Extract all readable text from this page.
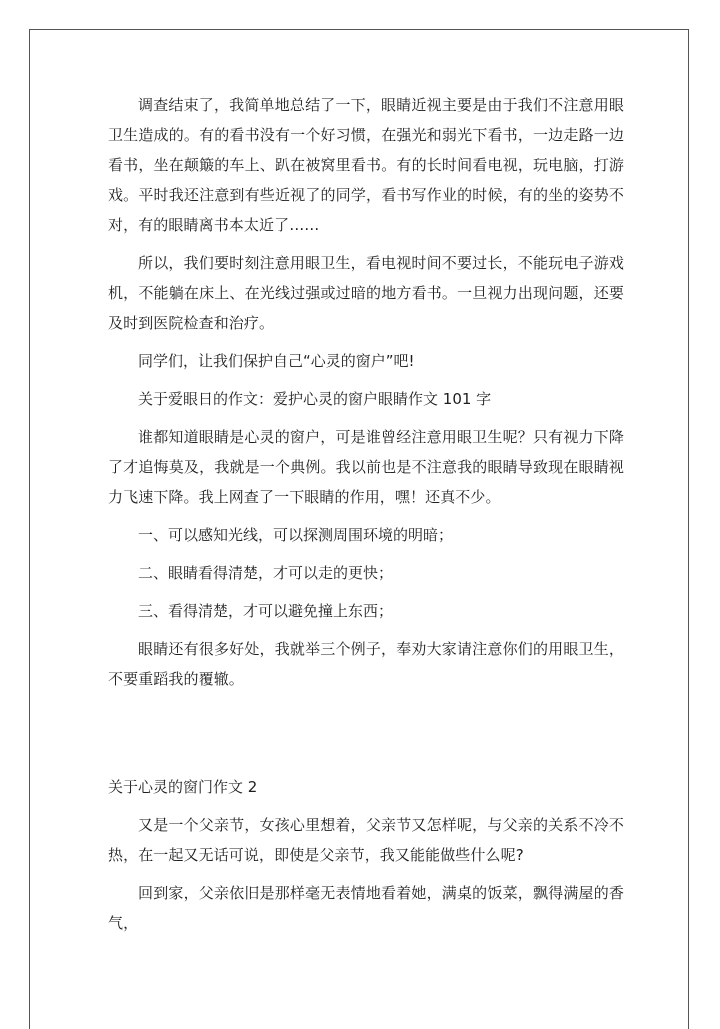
调查结束了，我简单地总结了一下，眼睛近视主要是由于我们不注意用眼卫生造成的。有的看书没有一个好习惯，在强光和弱光下看书，一边走路一边看书，坐在颠簸的车上、趴在被窝里看书。有的长时间看电视，玩电脑，打游戏。平时我还注意到有些近视了的同学，看书写作业的时候，有的坐的姿势不对，有的眼睛离书本太近了……

所以，我们要时刻注意用眼卫生，看电视时间不要过长，不能玩电子游戏机，不能躺在床上、在光线过强或过暗的地方看书。一旦视力出现问题，还要及时到医院检查和治疗。

同学们，让我们保护自己“心灵的窗户”吧!

关于爱眼日的作文：爱护心灵的窗户眼睛作文 101 字

谁都知道眼睛是心灵的窗户，可是谁曾经注意用眼卫生呢？只有视力下降了才追悔莫及，我就是一个典例。我以前也是不注意我的眼睛导致现在眼睛视力飞速下降。我上网查了一下眼睛的作用，嘿！还真不少。

一、可以感知光线，可以探测周围环境的明暗；

二、眼睛看得清楚，才可以走的更快；

三、看得清楚，才可以避免撞上东西；

眼睛还有很多好处，我就举三个例子，奉劝大家请注意你们的用眼卫生，不要重蹈我的覆辙。

关于心灵的窗门作文 2

又是一个父亲节，女孩心里想着，父亲节又怎样呢，与父亲的关系不冷不热，在一起又无话可说，即使是父亲节，我又能能做些什么呢?

回到家，父亲依旧是那样毫无表情地看着她，满桌的饭菜，飘得满屋的香气，
